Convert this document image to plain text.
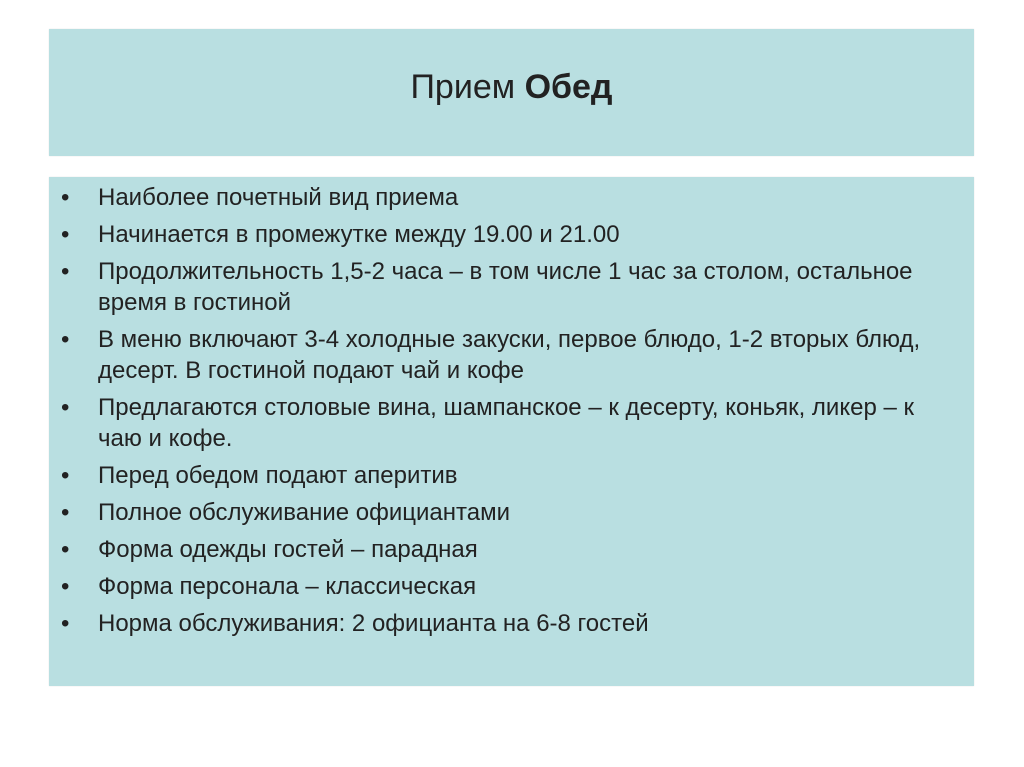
Прием Обед
•	Наиболее почетный вид приема
•	Начинается в промежутке между 19.00 и 21.00
•	Продолжительность 1,5-2 часа – в том числе 1 час за столом, остальное время в гостиной
•	В меню включают 3-4 холодные закуски, первое блюдо, 1-2 вторых блюд, десерт. В гостиной подают чай и кофе
•	Предлагаются столовые вина, шампанское – к десерту, коньяк, ликер – к чаю и кофе.
•	Перед обедом подают аперитив
•	Полное обслуживание официантами
•	Форма одежды гостей – парадная
•	Форма персонала – классическая
•	Норма обслуживания: 2 официанта на 6-8 гостей
